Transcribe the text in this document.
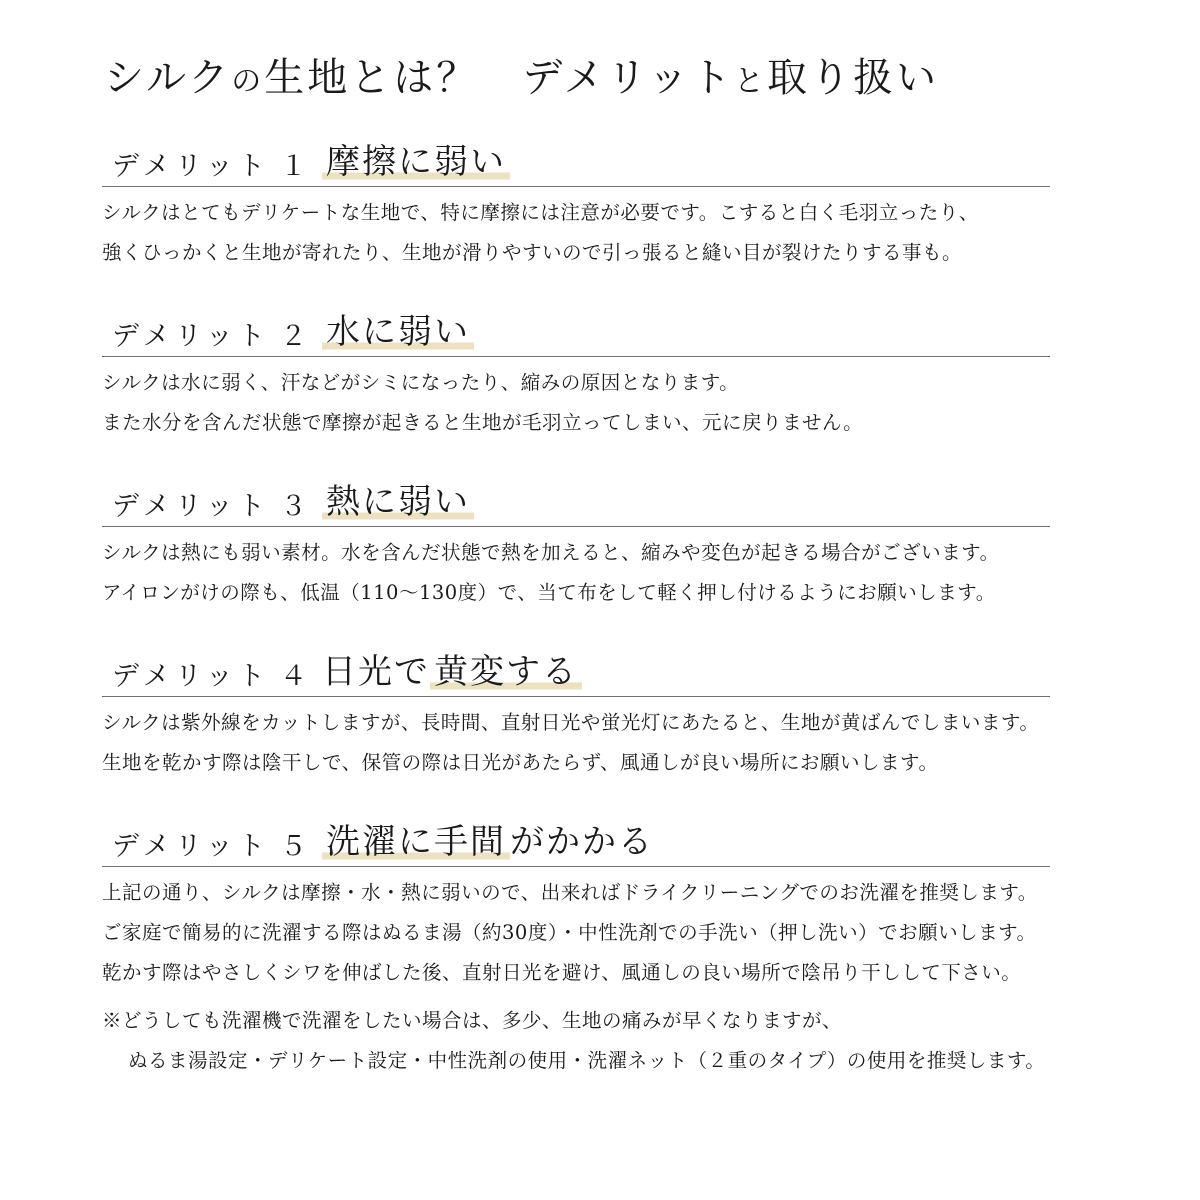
シルクの生地とは？　デメリットと取り扱い
デメリット １ 摩擦に弱い
シルクはとてもデリケートな生地で、特に摩擦には注意が必要です。こすると白く毛羽立ったり、
強くひっかくと生地が寄れたり、生地が滑りやすいので引っ張ると縫い目が裂けたりする事も。
デメリット ２ 水に弱い
シルクは水に弱く、汗などがシミになったり、縮みの原因となります。
また水分を含んだ状態で摩擦が起きると生地が毛羽立ってしまい、元に戻りません。
デメリット ３ 熱に弱い
シルクは熱にも弱い素材。水を含んだ状態で熱を加えると、縮みや変色が起きる場合がございます。
アイロンがけの際も、低温（110～130度）で、当て布をして軽く押し付けるようにお願いします。
デメリット ４ 日光で 黄変する
シルクは紫外線をカットしますが、長時間、直射日光や蛍光灯にあたると、生地が黄ばんでしまいます。
生地を乾かす際は陰干しで、保管の際は日光があたらず、風通しが良い場所にお願いします。
デメリット ５ 洗濯に手間 がかかる
上記の通り、シルクは摩擦・水・熱に弱いので、出来ればドライクリーニングでのお洗濯を推奨します。
ご家庭で簡易的に洗濯する際はぬるま湯（約30度）・中性洗剤での手洗い（押し洗い）でお願いします。
乾かす際はやさしくシワを伸ばした後、直射日光を避け、風通しの良い場所で陰吊り干しして下さい。
※どうしても洗濯機で洗濯をしたい場合は、多少、生地の痛みが早くなりますが、
ぬるま湯設定・デリケート設定・中性洗剤の使用・洗濯ネット（２重のタイプ）の使用を推奨します。
